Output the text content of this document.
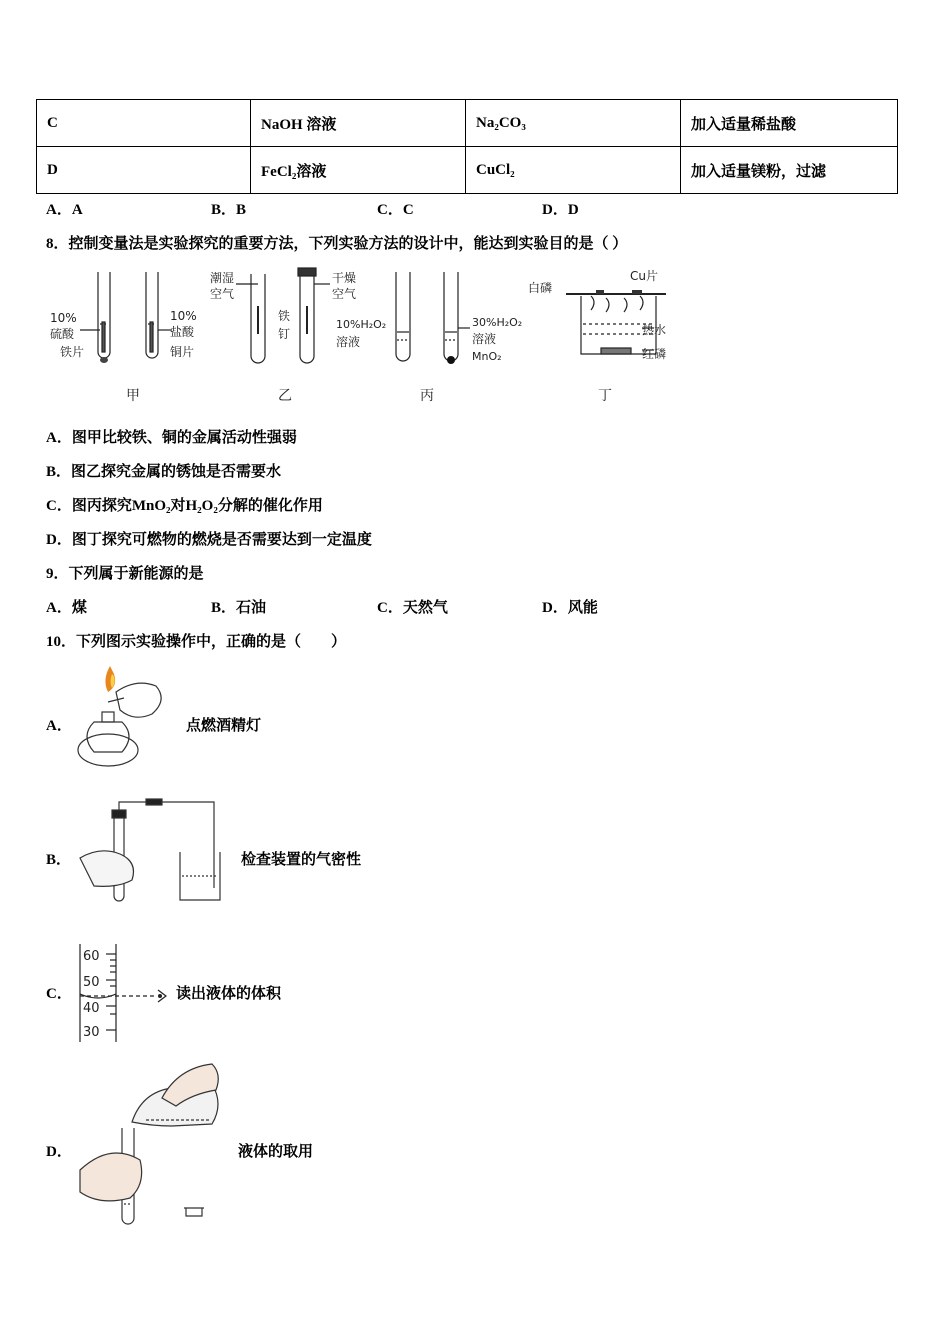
C	NaOH 溶液	Na₂CO₃	加入适量稀盐酸
D	FeCl₂溶液	CuCl₂	加入适量镁粉，过滤
A．A	B．B	C．C	D．D
8．控制变量法是实验探究的重要方法，下列实验方法的设计中，能达到实验目的是（ ）
10%
硫酸
铁片
10%
盐酸
铜片
潮湿
空气
铁
钉
干燥
空气
10%H₂O₂
溶液
30%H₂O₂
溶液
MnO₂
白磷
Cu片
热水
红磷
甲	乙	丙	丁
A．图甲比较铁、铜的金属活动性强弱
B．图乙探究金属的锈蚀是否需要水
C．图丙探究MnO₂对H₂O₂分解的催化作用
D．图丁探究可燃物的燃烧是否需要达到一定温度
9．下列属于新能源的是
A．煤	B．石油	C．天然气	D．风能
10．下列图示实验操作中，正确的是（　　）
A．	点燃酒精灯
B．	检查装置的气密性
C．
60
50
40
30
读出液体的体积
D．	液体的取用
